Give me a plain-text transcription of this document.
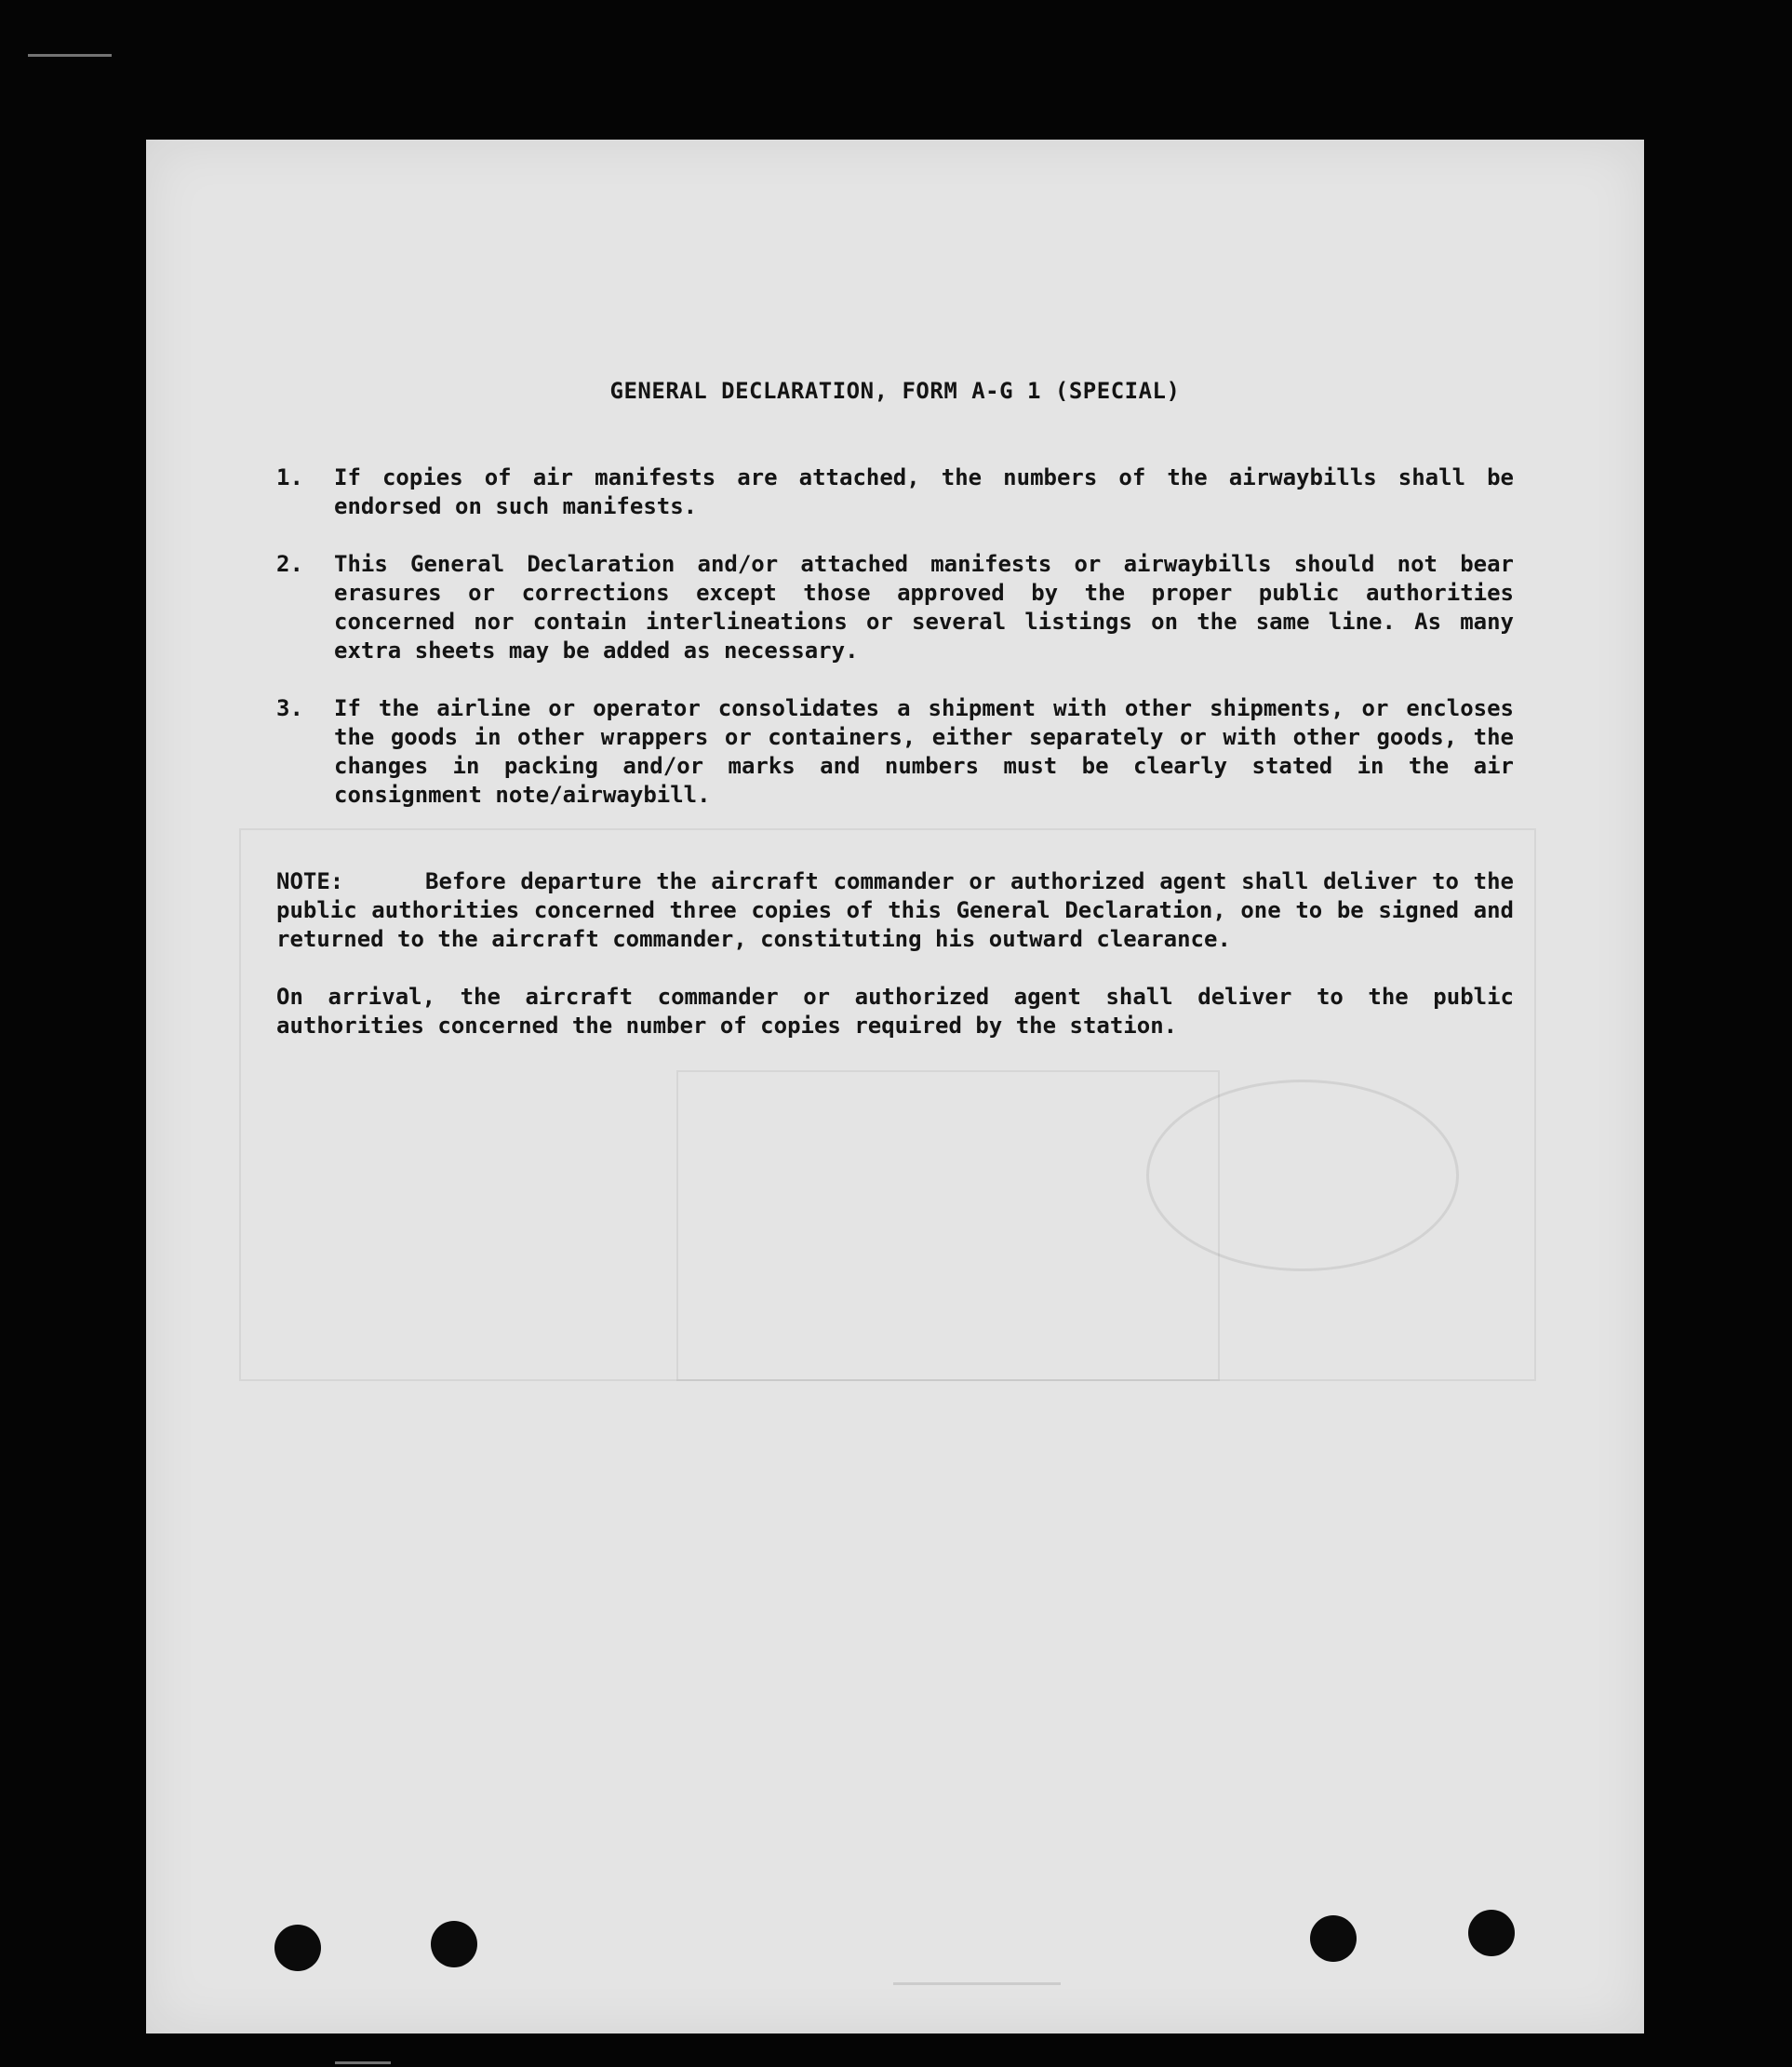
GENERAL DECLARATION, FORM A-G 1 (SPECIAL)
1.	If copies of air manifests are attached, the numbers of the airwaybills shall be endorsed on such manifests.
2.	This General Declaration and/or attached manifests or airwaybills should not bear erasures or corrections except those approved by the proper public authorities concerned nor contain interlineations or several listings on the same line. As many extra sheets may be added as necessary.
3.	If the airline or operator consolidates a shipment with other shipments, or encloses the goods in other wrappers or containers, either separately or with other goods, the changes in packing and/or marks and numbers must be clearly stated in the air consignment note/airwaybill.
NOTE:	Before departure the aircraft commander or authorized agent shall deliver to the public authorities concerned three copies of this General Declaration, one to be signed and returned to the aircraft commander, constituting his outward clearance.

On arrival, the aircraft commander or authorized agent shall deliver to the public authorities concerned the number of copies required by the station.
